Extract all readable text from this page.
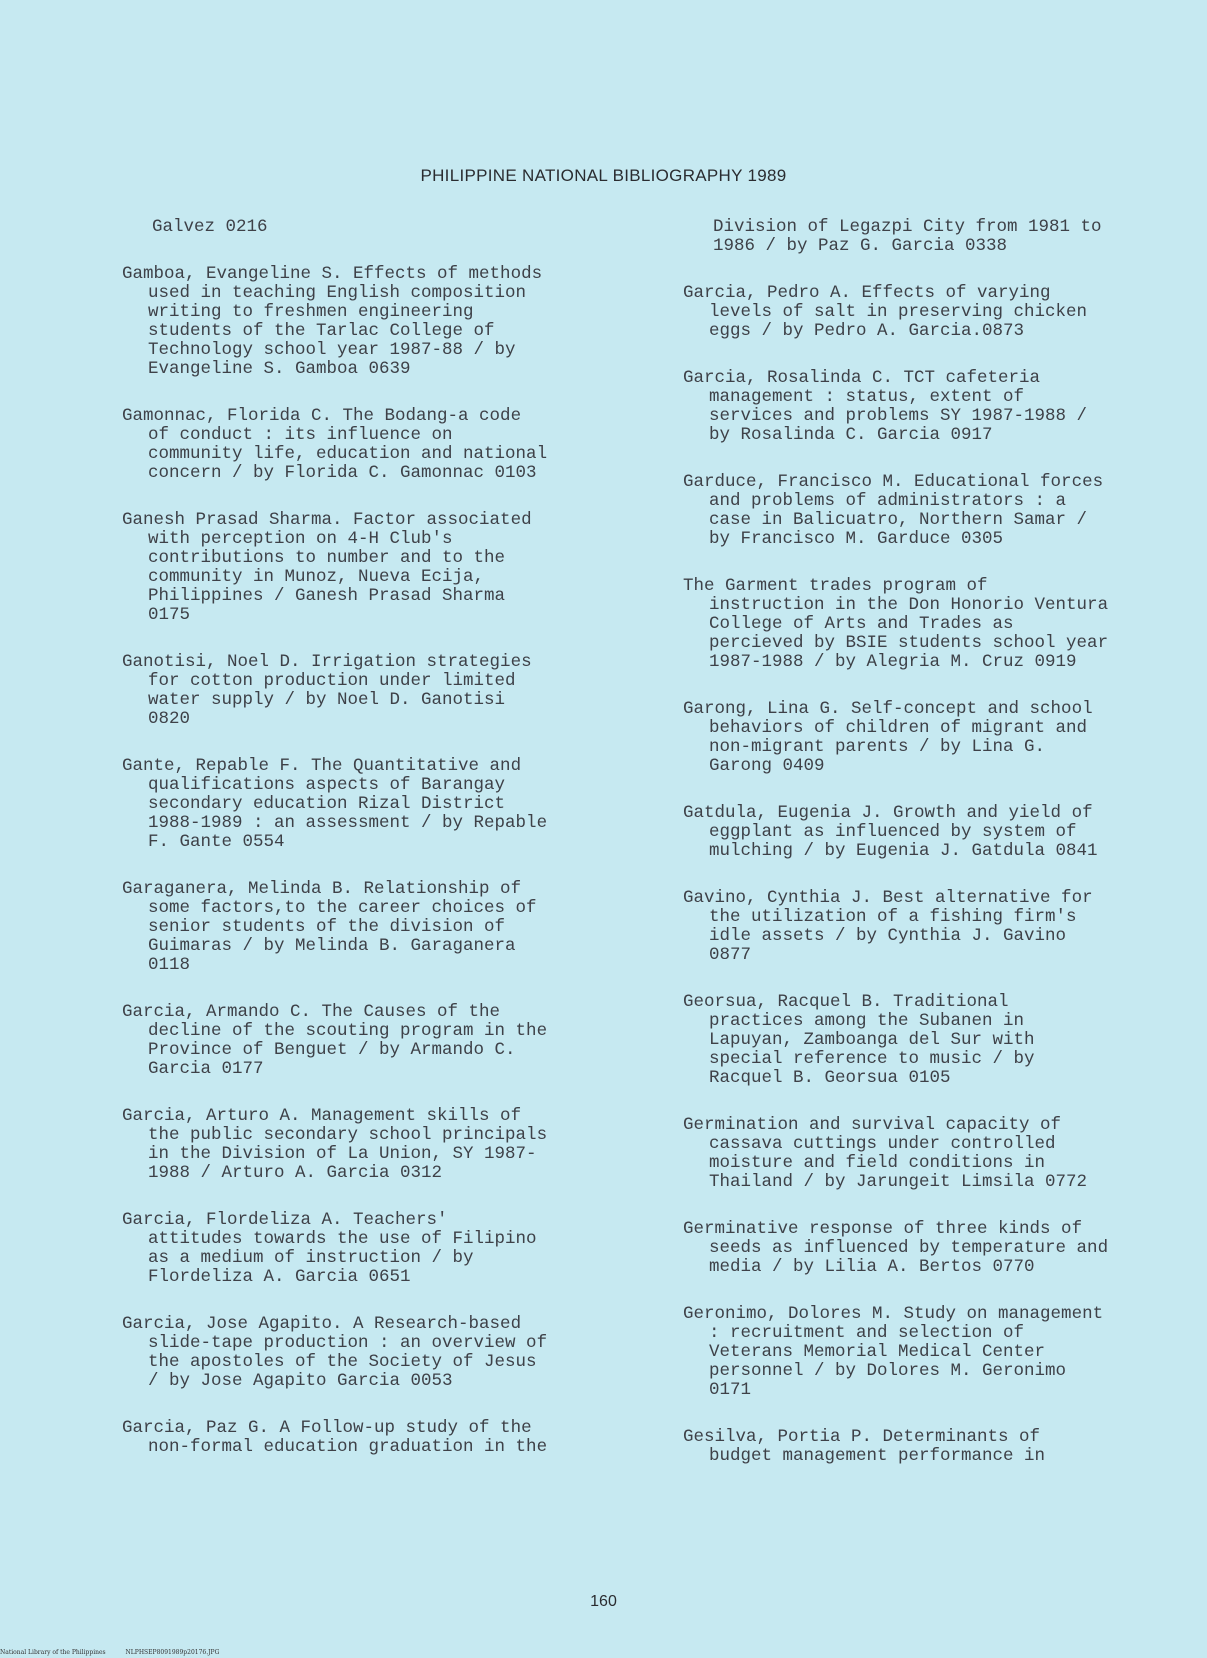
PHILIPPINE NATIONAL BIBLIOGRAPHY 1989
Galvez 0216
Gamboa, Evangeline S. Effects of methods
used in teaching English composition
writing to freshmen engineering
students of the Tarlac College of
Technology school year 1987-88 / by
Evangeline S. Gamboa 0639
Gamonnac, Florida C. The Bodang-a code
of conduct : its influence on
community life, education and national
concern / by Florida C. Gamonnac 0103
Ganesh Prasad Sharma. Factor associated
with perception on 4-H Club's
contributions to number and to the
community in Munoz, Nueva Ecija,
Philippines / Ganesh Prasad Sharma
0175
Ganotisi, Noel D. Irrigation strategies
for cotton production under limited
water supply / by Noel D. Ganotisi
0820
Gante, Repable F. The Quantitative and
qualifications aspects of Barangay
secondary education Rizal District
1988-1989 : an assessment / by Repable
F. Gante 0554
Garaganera, Melinda B. Relationship of
some factors,to the career choices of
senior students of the division of
Guimaras / by Melinda B. Garaganera
0118
Garcia, Armando C. The Causes of the
decline of the scouting program in the
Province of Benguet / by Armando C.
Garcia 0177
Garcia, Arturo A. Management skills of
the public secondary school principals
in the Division of La Union, SY 1987-
1988 / Arturo A. Garcia 0312
Garcia, Flordeliza A. Teachers'
attitudes towards the use of Filipino
as a medium of instruction / by
Flordeliza A. Garcia 0651
Garcia, Jose Agapito. A Research-based
slide-tape production : an overview of
the apostoles of the Society of Jesus
/ by Jose Agapito Garcia 0053
Garcia, Paz G. A Follow-up study of the
non-formal education graduation in the
Division of Legazpi City from 1981 to
1986 / by Paz G. Garcia 0338
Garcia, Pedro A. Effects of varying
levels of salt in preserving chicken
eggs / by Pedro A. Garcia.0873
Garcia, Rosalinda C. TCT cafeteria
management : status, extent of
services and problems SY 1987-1988 /
by Rosalinda C. Garcia 0917
Garduce, Francisco M. Educational forces
and problems of administrators : a
case in Balicuatro, Northern Samar /
by Francisco M. Garduce 0305
The Garment trades program of
instruction in the Don Honorio Ventura
College of Arts and Trades as
percieved by BSIE students school year
1987-1988 / by Alegria M. Cruz 0919
Garong, Lina G. Self-concept and school
behaviors of children of migrant and
non-migrant parents / by Lina G.
Garong 0409
Gatdula, Eugenia J. Growth and yield of
eggplant as influenced by system of
mulching / by Eugenia J. Gatdula 0841
Gavino, Cynthia J. Best alternative for
the utilization of a fishing firm's
idle assets / by Cynthia J. Gavino
0877
Georsua, Racquel B. Traditional
practices among the Subanen in
Lapuyan, Zamboanga del Sur with
special reference to music / by
Racquel B. Georsua 0105
Germination and survival capacity of
cassava cuttings under controlled
moisture and field conditions in
Thailand / by Jarungeit Limsila 0772
Germinative response of three kinds of
seeds as influenced by temperature and
media / by Lilia A. Bertos 0770
Geronimo, Dolores M. Study on management
: recruitment and selection of
Veterans Memorial Medical Center
personnel / by Dolores M. Geronimo
0171
Gesilva, Portia P. Determinants of
budget management performance in
160
National Library of the Philippines	NLPHSEP8091989p20176.JPG
